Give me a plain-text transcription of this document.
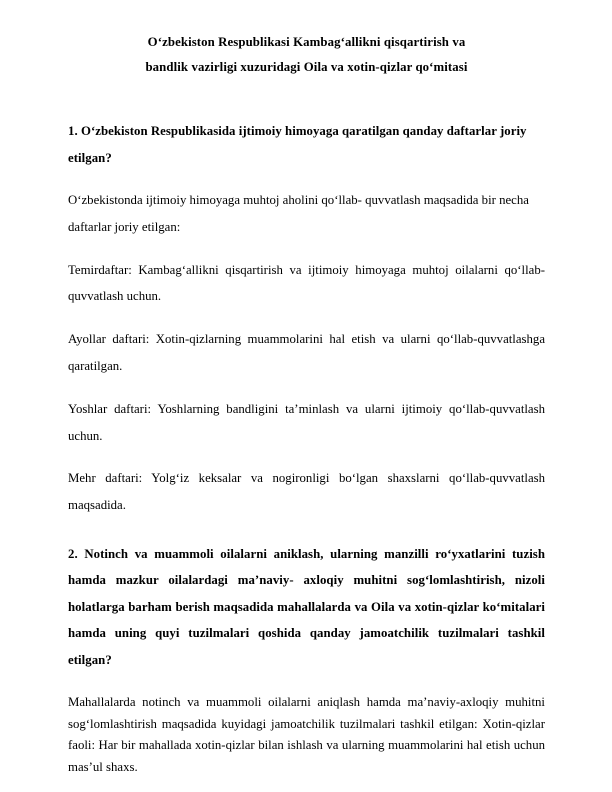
Oʻzbekiston Respublikasi Kambagʻallikni qisqartirish va
bandlik vazirligi xuzuridagi Oila va xotin-qizlar qoʻmitasi

1. Oʻzbekiston Respublikasida ijtimoiy himoyaga qaratilgan qanday daftarlar joriy etilgan?

Oʻzbekistonda ijtimoiy himoyaga muhtoj aholini qoʻllab- quvvatlash maqsadida bir necha daftarlar joriy etilgan:

Temirdaftar: Kambagʻallikni qisqartirish va ijtimoiy himoyaga muhtoj oilalarni qoʻllab-quvvatlash uchun.

Ayollar daftari: Xotin-qizlarning muammolarini hal etish va ularni qoʻllab-quvvatlashga qaratilgan.

Yoshlar daftari: Yoshlarning bandligini ta’minlash va ularni ijtimoiy qoʻllab-quvvatlash uchun.

Mehr daftari: Yolgʻiz keksalar va nogironligi boʻlgan shaxslarni qoʻllab-quvvatlash maqsadida.

2. Notinch va muammoli oilalarni aniklash, ularning manzilli roʻyxatlarini tuzish hamda mazkur oilalardagi ma’naviy- axloqiy muhitni sogʻlomlashtirish, nizoli holatlarga barham berish maqsadida mahallalarda va Oila va xotin-qizlar koʻmitalari hamda uning quyi tuzilmalari qoshida qanday jamoatchilik tuzilmalari tashkil etilgan?

Mahallalarda notinch va muammoli oilalarni aniqlash hamda ma’naviy-axloqiy muhitni sogʻlomlashtirish maqsadida kuyidagi jamoatchilik tuzilmalari tashkil etilgan: Xotin-qizlar faoli: Har bir mahallada xotin-qizlar bilan ishlash va ularning muammolarini hal etish uchun mas’ul shaxs.
